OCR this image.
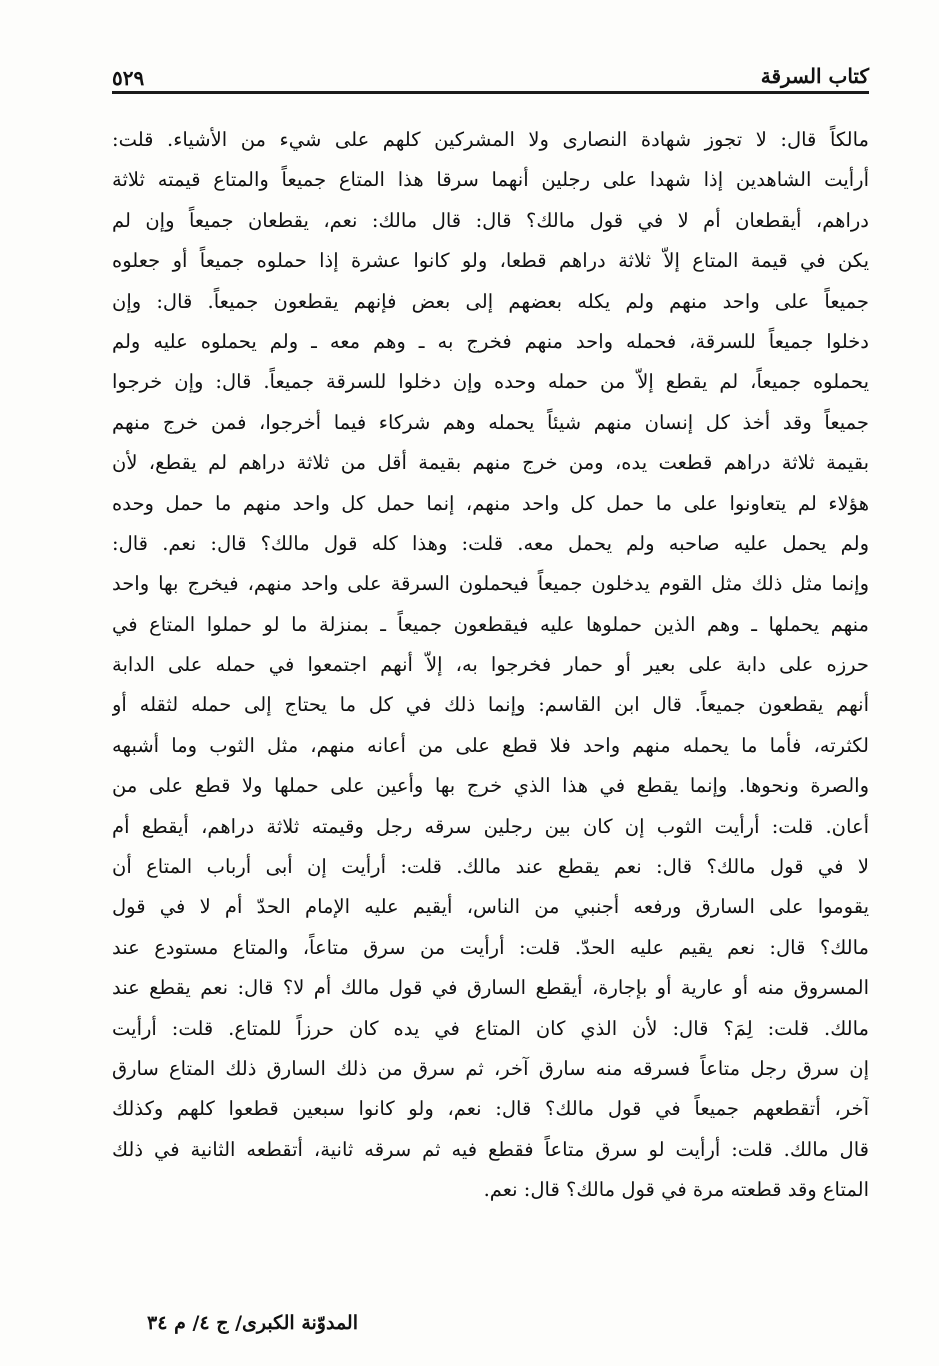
كتاب السرقة
٥٢٩
مالكاً قال: لا تجوز شهادة النصارى ولا المشركين كلهم على شيء من الأشياء. قلت:
أرأيت الشاهدين إذا شهدا على رجلين أنهما سرقا هذا المتاع جميعاً والمتاع قيمته ثلاثة
دراهم، أيقطعان أم لا في قول مالك؟ قال: قال مالك: نعم، يقطعان جميعاً وإن لم
يكن في قيمة المتاع إلاّ ثلاثة دراهم قطعا، ولو كانوا عشرة إذا حملوه جميعاً أو جعلوه
جميعاً على واحد منهم ولم يكله بعضهم إلى بعض فإنهم يقطعون جميعاً. قال: وإن
دخلوا جميعاً للسرقة، فحمله واحد منهم فخرج به ـ وهم معه ـ ولم يحملوه عليه ولم
يحملوه جميعاً، لم يقطع إلاّ من حمله وحده وإن دخلوا للسرقة جميعاً. قال: وإن خرجوا
جميعاً وقد أخذ كل إنسان منهم شيئاً يحمله وهم شركاء فيما أخرجوا، فمن خرج منهم
بقيمة ثلاثة دراهم قطعت يده، ومن خرج منهم بقيمة أقل من ثلاثة دراهم لم يقطع، لأن
هؤلاء لم يتعاونوا على ما حمل كل واحد منهم، إنما حمل كل واحد منهم ما حمل وحده
ولم يحمل عليه صاحبه ولم يحمل معه. قلت: وهذا كله قول مالك؟ قال: نعم. قال:
وإنما مثل ذلك مثل القوم يدخلون جميعاً فيحملون السرقة على واحد منهم، فيخرج بها واحد
منهم يحملها ـ وهم الذين حملوها عليه فيقطعون جميعاً ـ بمنزلة ما لو حملوا المتاع في
حرزه على دابة على بعير أو حمار فخرجوا به، إلاّ أنهم اجتمعوا في حمله على الدابة
أنهم يقطعون جميعاً. قال ابن القاسم: وإنما ذلك في كل ما يحتاج إلى حمله لثقله أو
لكثرته، فأما ما يحمله منهم واحد فلا قطع على من أعانه منهم، مثل الثوب وما أشبهه
والصرة ونحوها. وإنما يقطع في هذا الذي خرج بها وأعين على حملها ولا قطع على من
أعان. قلت: أرأيت الثوب إن كان بين رجلين سرقه رجل وقيمته ثلاثة دراهم، أيقطع أم
لا في قول مالك؟ قال: نعم يقطع عند مالك. قلت: أرأيت إن أبى أرباب المتاع أن
يقوموا على السارق ورفعه أجنبي من الناس، أيقيم عليه الإمام الحدّ أم لا في قول
مالك؟ قال: نعم يقيم عليه الحدّ. قلت: أرأيت من سرق متاعاً، والمتاع مستودع عند
المسروق منه أو عارية أو بإجارة، أيقطع السارق في قول مالك أم لا؟ قال: نعم يقطع عند
مالك. قلت: لِمَ؟ قال: لأن الذي كان المتاع في يده كان حرزاً للمتاع. قلت: أرأيت
إن سرق رجل متاعاً فسرقه منه سارق آخر، ثم سرق من ذلك السارق ذلك المتاع سارق
آخر، أتقطعهم جميعاً في قول مالك؟ قال: نعم، ولو كانوا سبعين قطعوا كلهم وكذلك
قال مالك. قلت: أرأيت لو سرق متاعاً فقطع فيه ثم سرقه ثانية، أتقطعه الثانية في ذلك
المتاع وقد قطعته مرة في قول مالك؟ قال: نعم.
المدوّنة الكبرى/ ج ٤/ م ٣٤
